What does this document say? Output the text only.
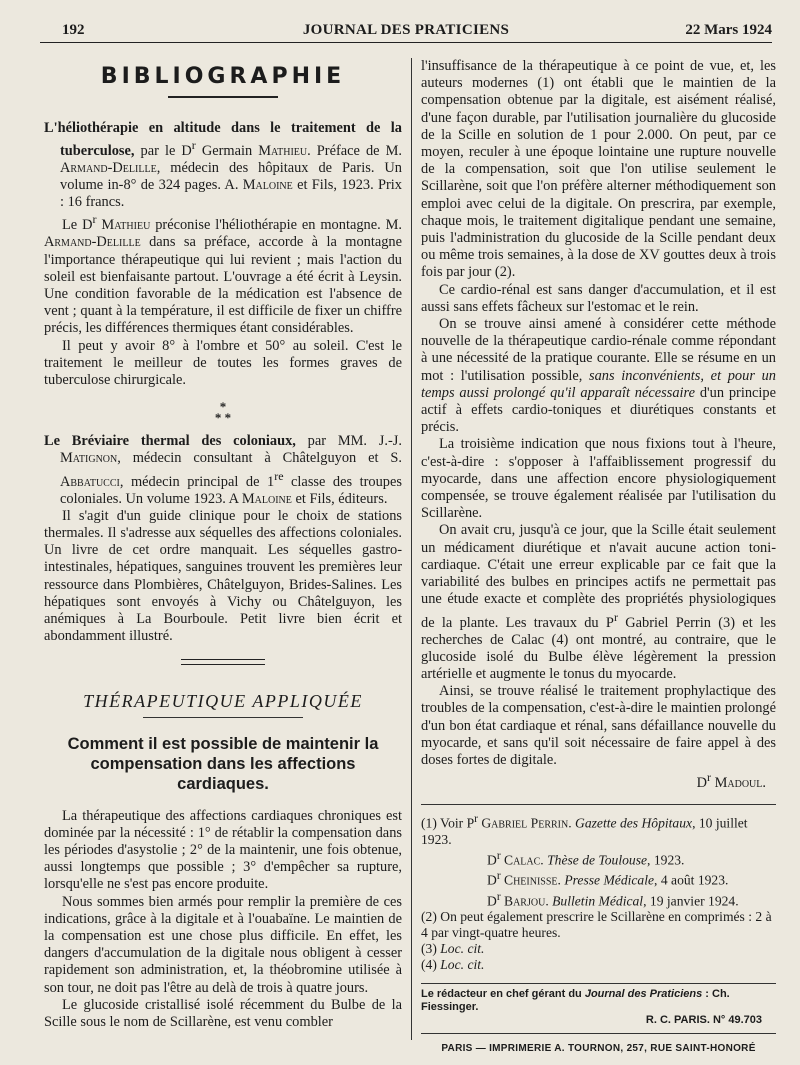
192	JOURNAL DES PRATICIENS	22 Mars 1924
BIBLIOGRAPHIE

L'héliothérapie en altitude dans le traitement de la tuberculose, par le $D^r$ Germain Mathieu. Préface de M. Armand-Delille, médecin des hôpitaux de Paris. Un volume in-8° de 324 pages. A. Maloine et Fils, 1923. Prix : 16 francs.

Le $D^r$ Mathieu préconise l'héliothérapie en montagne. M. Armand-Delille dans sa préface, accorde à la montagne l'importance thérapeutique qui lui revient ; mais l'action du soleil est bienfaisante partout. L'ouvrage a été écrit à Leysin. Une condition favorable de la médication est l'absence de vent ; quant à la température, il est difficile de fixer un chiffre précis, les différences thermiques étant considérables.

Il peut y avoir 8° à l'ombre et 50° au soleil. C'est le traitement le meilleur de toutes les formes graves de tuberculose chirurgicale.

*
* *

Le Bréviaire thermal des coloniaux, par MM. J.-J. Matignon, médecin consultant à Châtelguyon et S. Abbatucci, médecin principal de 1re classe des troupes coloniales. Un volume 1923. A Maloine et Fils, éditeurs.

Il s'agit d'un guide clinique pour le choix de stations thermales. Il s'adresse aux séquelles des affections coloniales. Un livre de cet ordre manquait. Les séquelles gastro-intestinales, hépatiques, sanguines trouvent les premières leur ressource dans Plombières, Châtelguyon, Brides-Salines. Les hépatiques sont envoyés à Vichy ou Châtelguyon, les anémiques à La Bourboule. Petit livre bien écrit et abondamment illustré.

THÉRAPEUTIQUE APPLIQUÉE
Comment il est possible de maintenir la compensation dans les affections cardiaques.

La thérapeutique des affections cardiaques chroniques est dominée par la nécessité : 1° de rétablir la compensation dans les périodes d'asystolie ; 2° de la maintenir, une fois obtenue, aussi longtemps que possible ; 3° d'empêcher sa rupture, lorsqu'elle ne s'est pas encore produite.

Nous sommes bien armés pour remplir la première de ces indications, grâce à la digitale et à l'ouabaïne. Le maintien de la compensation est une chose plus difficile. En effet, les dangers d'accumulation de la digitale nous obligent à cesser rapidement son administration, et, la théobromine utilisée à son tour, ne doit pas l'être au delà de trois à quatre jours.

Le glucoside cristallisé isolé récemment du Bulbe de la Scille sous le nom de Scillarène, est venu combler

l'insuffisance de la thérapeutique à ce point de vue, et, les auteurs modernes (1) ont établi que le maintien de la compensation obtenue par la digitale, est aisément réalisé, d'une façon durable, par l'utilisation journalière du glucoside de la Scille en solution de 1 pour 2.000. On peut, par ce moyen, reculer à une époque lointaine une rupture nouvelle de la compensation, soit que l'on utilise seulement le Scillarène, soit que l'on préfère alterner méthodiquement son emploi avec celui de la digitale. On prescrira, par exemple, chaque mois, le traitement digitalique pendant une semaine, puis l'administration du glucoside de la Scille pendant deux ou même trois semaines, à la dose de XV gouttes deux à trois fois par jour (2).

Ce cardio-rénal est sans danger d'accumulation, et il est aussi sans effets fâcheux sur l'estomac et le rein.

On se trouve ainsi amené à considérer cette méthode nouvelle de la thérapeutique cardio-rénale comme répondant à une nécessité de la pratique courante. Elle se résume en un mot : l'utilisation possible, sans inconvénients, et pour un temps aussi prolongé qu'il apparaît nécessaire d'un principe actif à effets cardio-toniques et diurétiques constants et précis.

La troisième indication que nous fixions tout à l'heure, c'est-à-dire : s'opposer à l'affaiblissement progressif du myocarde, dans une affection encore physiologiquement compensée, se trouve également réalisée par l'utilisation du Scillarène.

On avait cru, jusqu'à ce jour, que la Scille était seulement un médicament diurétique et n'avait aucune action toni-cardiaque. C'était une erreur explicable par ce fait que la variabilité des bulbes en principes actifs ne permettait pas une étude exacte et complète des propriétés physiologiques de la plante. Les travaux du $P^r$ Gabriel Perrin (3) et les recherches de Calac (4) ont montré, au contraire, que le glucoside isolé du Bulbe élève légèrement la pression artérielle et augmente le tonus du myocarde.

Ainsi, se trouve réalisé le traitement prophylactique des troubles de la compensation, c'est-à-dire le maintien prolongé d'un bon état cardiaque et rénal, sans défaillance nouvelle du myocarde, et sans qu'il soit nécessaire de faire appel à des doses fortes de digitale.

$D^r$ Madoul.

(1) Voir $P^r$ Gabriel Perrin. Gazette des Hôpitaux, 10 juillet 1923.

$D^r$ Calac. Thèse de Toulouse, 1923.

$D^r$ Cheinisse. Presse Médicale, 4 août 1923.

$D^r$ Barjou. Bulletin Médical, 19 janvier 1924.

(2) On peut également prescrire le Scillarène en comprimés : 2 à 4 par vingt-quatre heures.

(3) Loc. cit.

(4) Loc. cit.

Le rédacteur en chef gérant du Journal des Praticiens : Ch. Fiessinger.
R. C. PARIS. N° 49.703
PARIS — IMPRIMERIE A. TOURNON, 257, RUE SAINT-HONORÉ
